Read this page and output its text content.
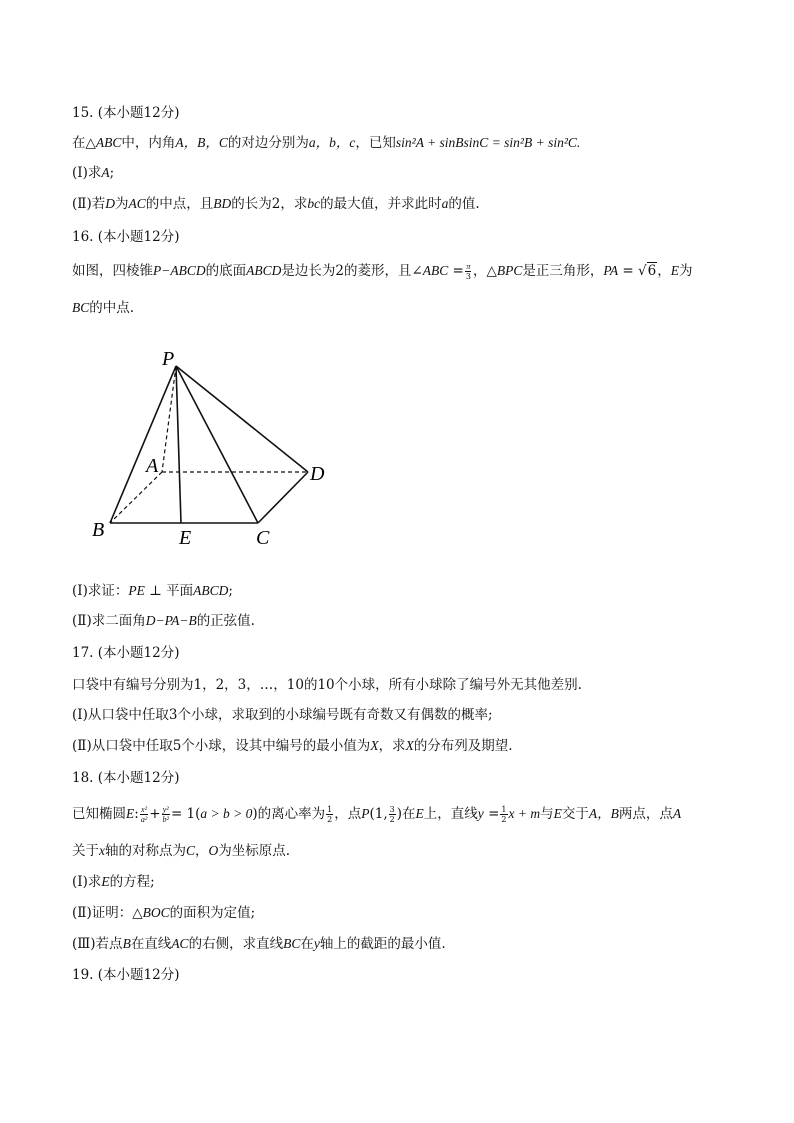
15. (本小题12分)
在△ABC中，内角A，B，C的对边分别为a，b，c，已知sin²A + sinBsinC = sin²B + sin²C.
(Ⅰ)求A;
(Ⅱ)若D为AC的中点，且BD的长为2，求bc的最大值，并求此时a的值.
16. (本小题12分)
如图，四棱锥P−ABCD的底面ABCD是边长为2的菱形，且∠ABC = $\frac{\pi}{3}$ ，△BPC是正三角形，PA = √6，E为
BC的中点.
P
A	D
B	E	C
(Ⅰ)求证：PE ⊥ 平面ABCD;
(Ⅱ)求二面角D−PA−B的正弦值.
17. (本小题12分)
口袋中有编号分别为1，2，3，…，10的10个小球，所有小球除了编号外无其他差别.
(Ⅰ)从口袋中任取3个小球，求取到的小球编号既有奇数又有偶数的概率;
(Ⅱ)从口袋中任取5个小球，设其中编号的最小值为X，求X的分布列及期望.
18. (本小题12分)
已知椭圆E: $\frac{\text{x²}}{\text{a²}} + \frac{\text{y²}}{\text{b²}} = 1(a > b > 0)$的离心率为 $\frac{1}{2}$ ，点P(1, $\frac{3}{2}$ )在E上，直线$y = \frac{1}{2}$ x + m与E交于A，B两点，点A
关于x轴的对称点为C，O为坐标原点.
(Ⅰ)求E的方程;
(Ⅱ)证明：△BOC的面积为定值;
(Ⅲ)若点B在直线AC的右侧，求直线BC在y轴上的截距的最小值.
19. (本小题12分)
